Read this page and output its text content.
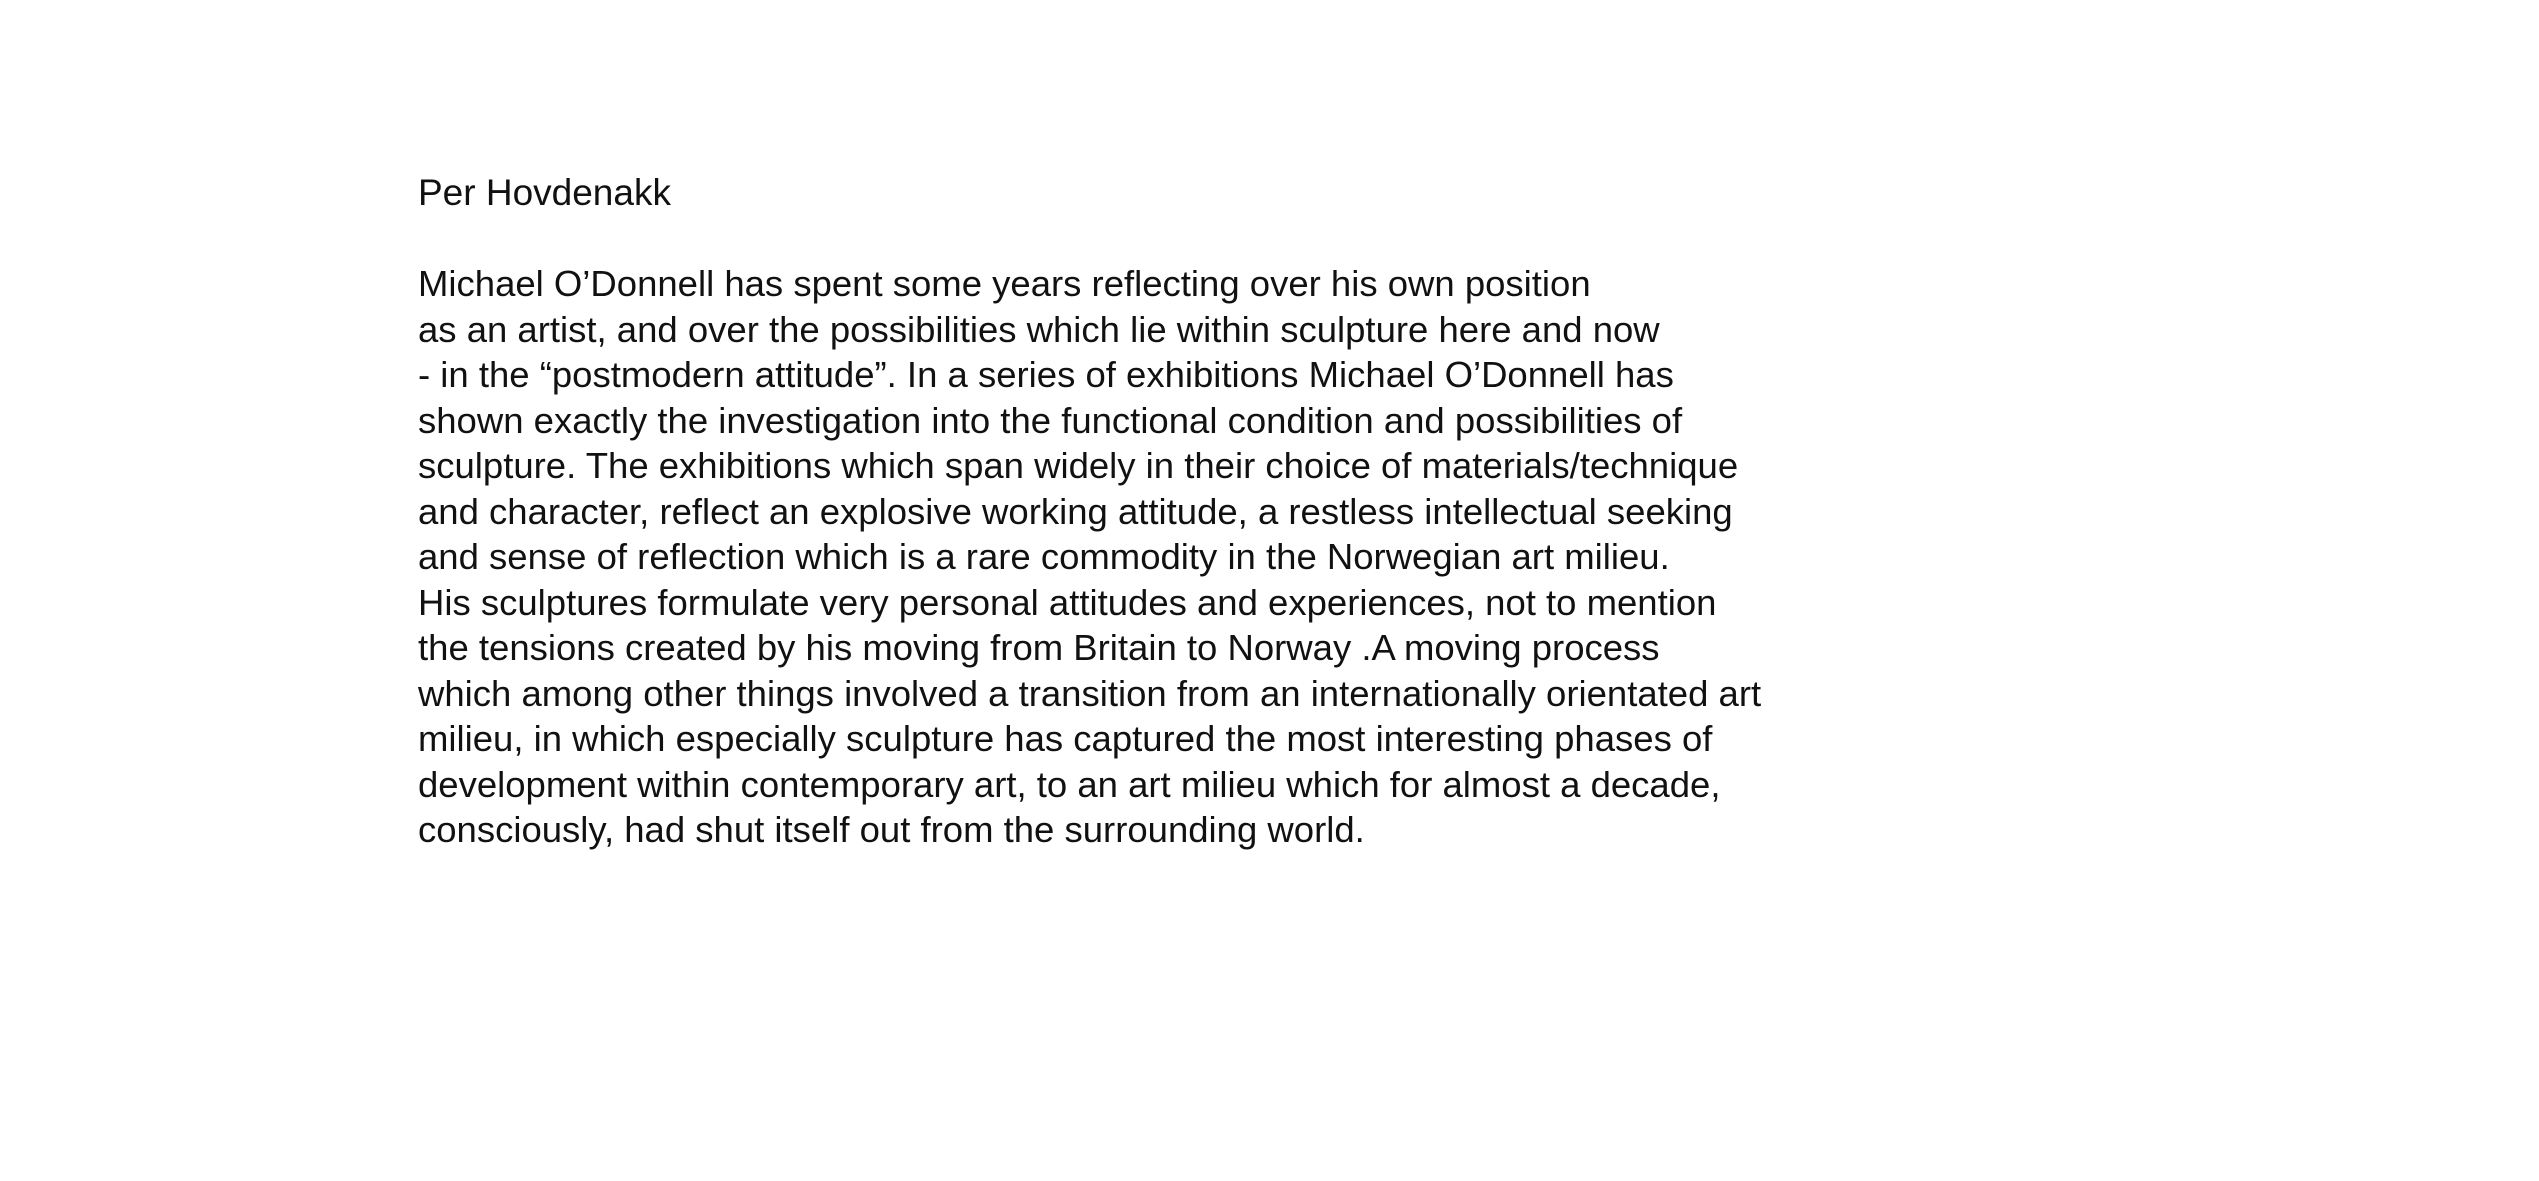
Per Hovdenakk

Michael O’Donnell has spent some years reflecting over his own position

as an artist, and over the possibilities which lie within sculpture here and now

- in the “postmodern attitude”. In a series of exhibitions Michael O’Donnell has

shown exactly the investigation into the functional condition and possibilities of

sculpture. The exhibitions which span widely in their choice of materials/technique

and character, reflect an explosive working attitude, a restless intellectual seeking

and sense of reflection which is a rare commodity in the Norwegian art milieu.

His sculptures formulate very personal attitudes and experiences, not to mention

the tensions created by his moving from Britain to Norway .A moving process

which among other things involved a transition from an internationally orientated art

milieu, in which especially sculpture has captured the most interesting phases of

development within contemporary art, to an art milieu which for almost a decade,

consciously, had shut itself out from the surrounding world.
